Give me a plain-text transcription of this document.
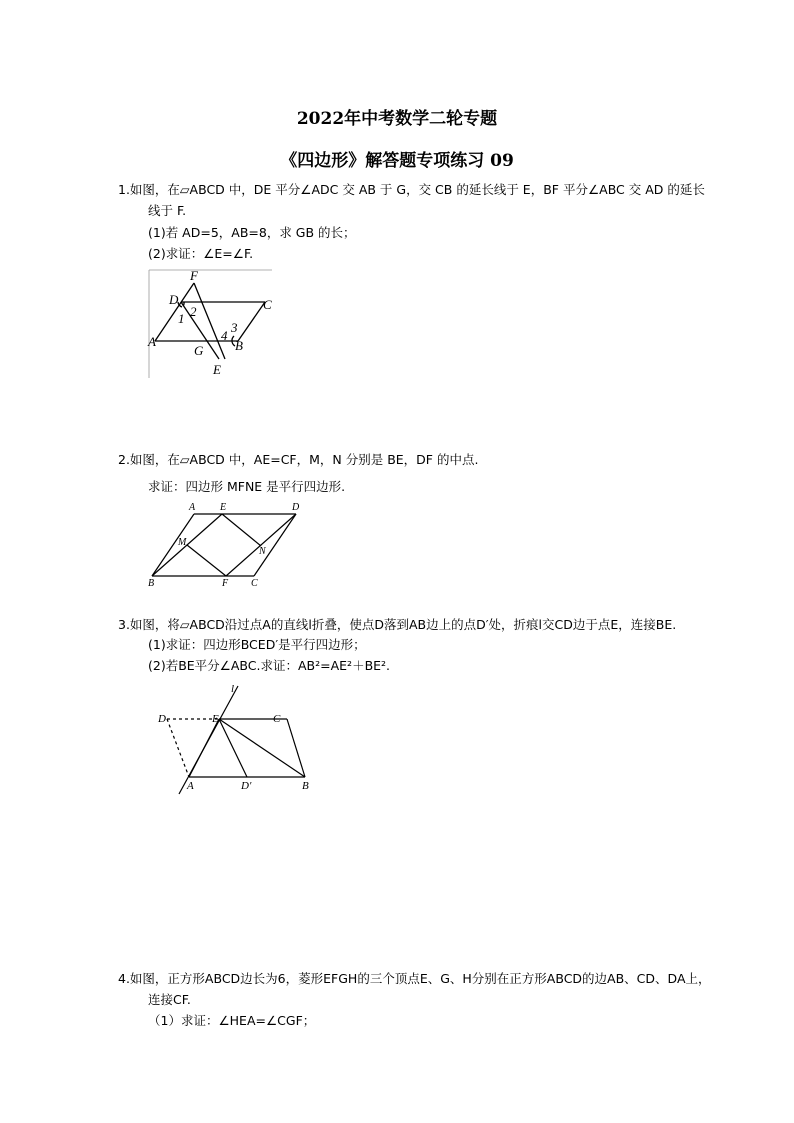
2022年中考数学二轮专题
《四边形》解答题专项练习 09
1.如图，在▱ABCD 中，DE 平分∠ADC 交 AB 于 G，交 CB 的延长线于 E，BF 平分∠ABC 交 AD 的延长
线于 F.
(1)若 AD=5，AB=8，求 GB 的长；
(2)求证：∠E=∠F.
F
D	C
A
G
E
B
1 2
3
4
2.如图，在▱ABCD 中，AE=CF，M，N 分别是 BE，DF 的中点.
求证：四边形 MFNE 是平行四边形.
A E	D
M
N
B	F C
3.如图，将▱ABCD沿过点A的直线l折叠，使点D落到AB边上的点D′处，折痕l交CD边于点E，连接BE.
(1)求证：四边形BCED′是平行四边形；
(2)若BE平分∠ABC.求证：AB²=AE²＋BE².
l
D	E	C
A	D′	B
4.如图，正方形ABCD边长为6，菱形EFGH的三个顶点E、G、H分别在正方形ABCD的边AB、CD、DA上，
连接CF.
（1）求证：∠HEA=∠CGF；
